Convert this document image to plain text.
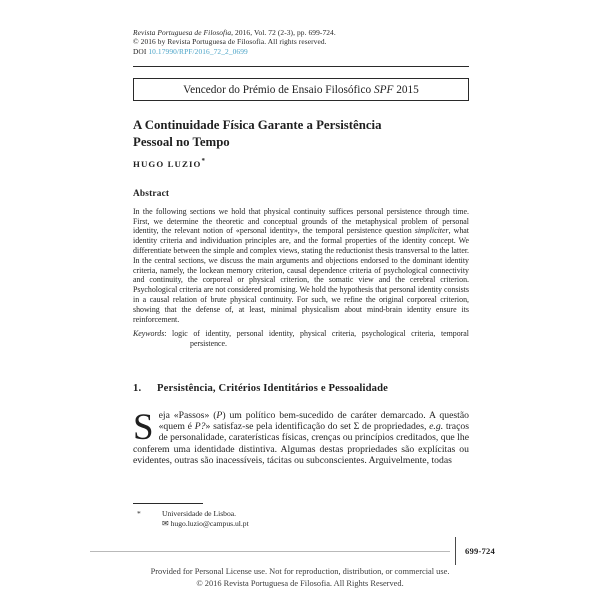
Revista Portuguesa de Filosofia, 2016, Vol. 72 (2-3), pp. 699-724.
© 2016 by Revista Portuguesa de Filosofia. All rights reserved.
DOI 10.17990/RPF/2016_72_2_0699
Vencedor do Prémio de Ensaio Filosófico SPF 2015
A Continuidade Física Garante a Persistência
Pessoal no Tempo
HUGO LUZIO*
Abstract

In the following sections we hold that physical continuity suffices personal persistence through time. First, we determine the theoretic and conceptual grounds of the metaphysical problem of personal identity, the relevant notion of «personal identity», the temporal persistence question simpliciter, what identity criteria and individuation principles are, and the formal properties of the identity concept. We differentiate between the simple and complex views, stating the reductionist thesis transversal to the latter. In the central sections, we discuss the main arguments and objections endorsed to the dominant identity criteria, namely, the lockean memory criterion, causal dependence criteria of psychological connectivity and continuity, the corporeal or physical criterion, the somatic view and the cerebral criterion. Psychological criteria are not considered promising. We hold the hypothesis that personal identity consists in a causal relation of brute physical continuity. For such, we refine the original corporeal criterion, showing that the defense of, at least, minimal physicalism about mind-brain identity ensure its reinforcement.

Keywords: logic of identity, personal identity, physical criteria, psychological criteria, temporal persistence.

1.	Persistência, Critérios Identitários e Pessoalidade

Seja «Passos» (P) um político bem-sucedido de caráter demarcado. A questão «quem é P?» satisfaz-se pela identificação do set Σ de propriedades, e.g. traços de personalidade, caraterísticas físicas, crenças ou princípios creditados, que lhe conferem uma identidade distintiva. Algumas destas propriedades são explícitas ou evidentes, outras são inacessíveis, tácitas ou subconscientes. Arguivelmente, todas

*	Universidade de Lisboa.
✉ hugo.luzio@campus.ul.pt
699-724
Provided for Personal License use. Not for reproduction, distribution, or commercial use.
© 2016 Revista Portuguesa de Filosofia. All Rights Reserved.
